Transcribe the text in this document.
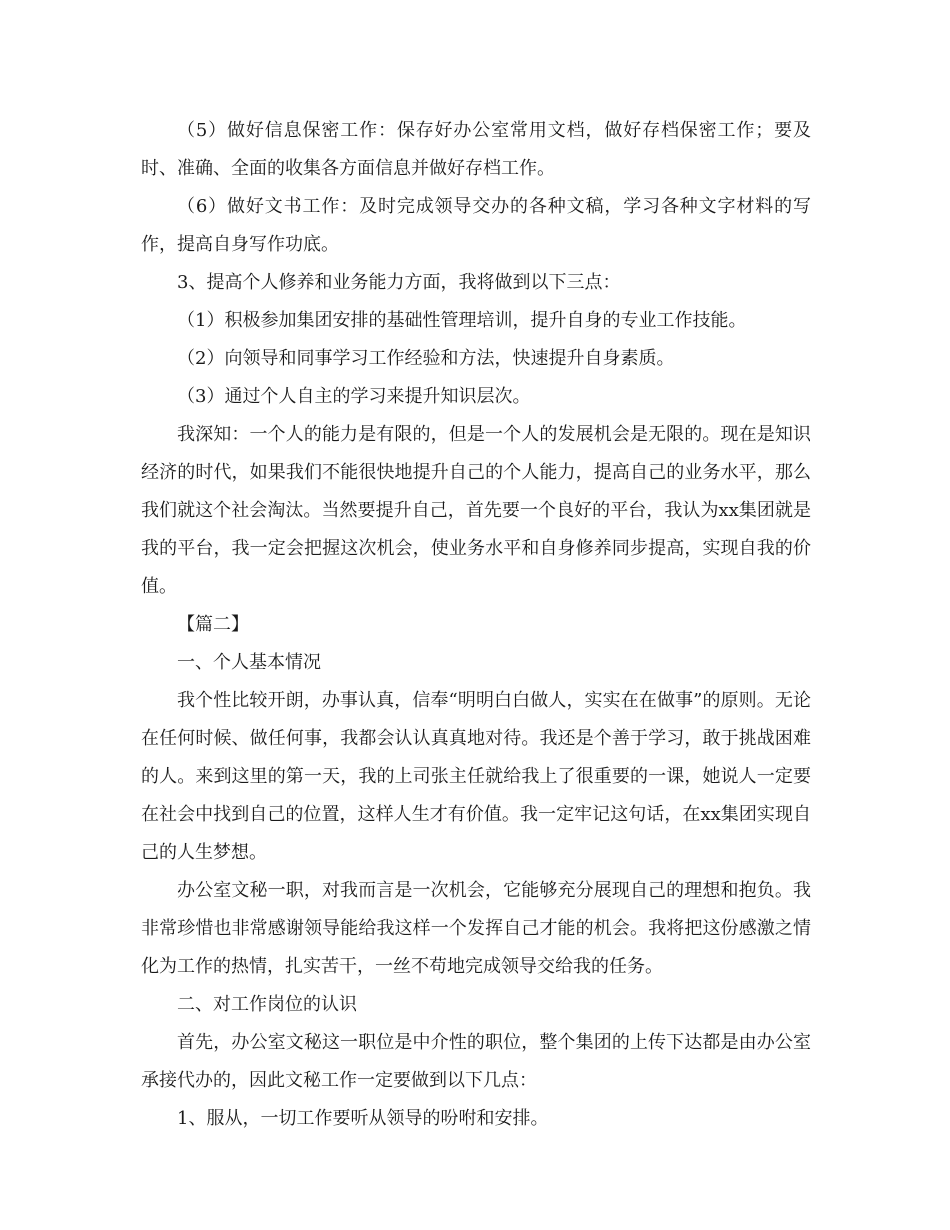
（5）做好信息保密工作：保存好办公室常用文档，做好存档保密工作；要及时、准确、全面的收集各方面信息并做好存档工作。

（6）做好文书工作：及时完成领导交办的各种文稿，学习各种文字材料的写作，提高自身写作功底。

3、提高个人修养和业务能力方面，我将做到以下三点：

（1）积极参加集团安排的基础性管理培训，提升自身的专业工作技能。

（2）向领导和同事学习工作经验和方法，快速提升自身素质。

（3）通过个人自主的学习来提升知识层次。

我深知：一个人的能力是有限的，但是一个人的发展机会是无限的。现在是知识经济的时代，如果我们不能很快地提升自己的个人能力，提高自己的业务水平，那么我们就这个社会淘汰。当然要提升自己，首先要一个良好的平台，我认为xx集团就是我的平台，我一定会把握这次机会，使业务水平和自身修养同步提高，实现自我的价值。

【篇二】

一、个人基本情况

我个性比较开朗，办事认真，信奉“明明白白做人，实实在在做事”的原则。无论在任何时候、做任何事，我都会认认真真地对待。我还是个善于学习，敢于挑战困难的人。来到这里的第一天，我的上司张主任就给我上了很重要的一课，她说人一定要在社会中找到自己的位置，这样人生才有价值。我一定牢记这句话，在xx集团实现自己的人生梦想。

办公室文秘一职，对我而言是一次机会，它能够充分展现自己的理想和抱负。我非常珍惜也非常感谢领导能给我这样一个发挥自己才能的机会。我将把这份感激之情化为工作的热情，扎实苦干，一丝不苟地完成领导交给我的任务。

二、对工作岗位的认识

首先，办公室文秘这一职位是中介性的职位，整个集团的上传下达都是由办公室承接代办的，因此文秘工作一定要做到以下几点：

1、服从，一切工作要听从领导的吩咐和安排。
